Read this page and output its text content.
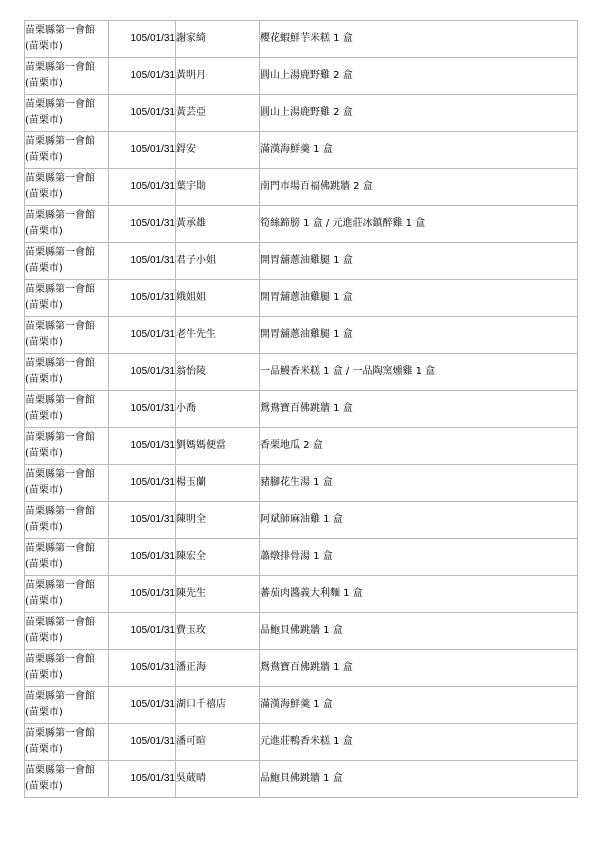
苗栗縣第一會館
(苗栗市)	105/01/31	謝家綺	櫻花蝦鮮芋米糕 1 盒

苗栗縣第一會館
(苗栗市)	105/01/31	黃明月	圓山上湯鹿野雞 2 盒

苗栗縣第一會館
(苗栗市)	105/01/31	黃芸亞	圓山上湯鹿野雞 2 盒

苗栗縣第一會館
(苗栗市)	105/01/31	鍀安	滿漢海鮮羹 1 盒

苗栗縣第一會館
(苗栗市)	105/01/31	葉宇勛	南門市場百福佛跳牆 2 盒

苗栗縣第一會館
(苗栗市)	105/01/31	黃承雄	筍絲蹄膀 1 盒 / 元進莊冰鎮醉雞 1 盒

苗栗縣第一會館
(苗栗市)	105/01/31	君子小姐	開胃舖蔥油雞腿 1 盒

苗栗縣第一會館
(苗栗市)	105/01/31	娥姐姐	開胃舖蔥油雞腿 1 盒

苗栗縣第一會館
(苗栗市)	105/01/31	老牛先生	開胃舖蔥油雞腿 1 盒

苗栗縣第一會館
(苗栗市)	105/01/31	翁怡陵	一品鰻香米糕 1 盒 / 一品陶窯燻雞 1 盒

苗栗縣第一會館
(苗栗市)	105/01/31	小喬	鴛鴦寶百佛跳牆 1 盒

苗栗縣第一會館
(苗栗市)	105/01/31	劉媽媽便當	香栗地瓜 2 盒

苗栗縣第一會館
(苗栗市)	105/01/31	楊玉蘭	豬腳花生湯 1 盒

苗栗縣第一會館
(苗栗市)	105/01/31	陳明全	阿斌師麻油雞 1 盒

苗栗縣第一會館
(苗栗市)	105/01/31	陳宏全	蕭燉排骨湯 1 盒

苗栗縣第一會館
(苗栗市)	105/01/31	陳先生	蕃茄肉醬義大利麵 1 盒

苗栗縣第一會館
(苗栗市)	105/01/31	費玉玫	品鮑貝佛跳牆 1 盒

苗栗縣第一會館
(苗栗市)	105/01/31	潘正海	鴛鴦寶百佛跳牆 1 盒

苗栗縣第一會館
(苗栗市)	105/01/31	湖口千禧店	滿漢海鮮羹 1 盒

苗栗縣第一會館
(苗栗市)	105/01/31	潘可暄	元進莊鴨香米糕 1 盒

苗栗縣第一會館
(苗栗市)	105/01/31	吳葳晴	品鮑貝佛跳牆 1 盒
